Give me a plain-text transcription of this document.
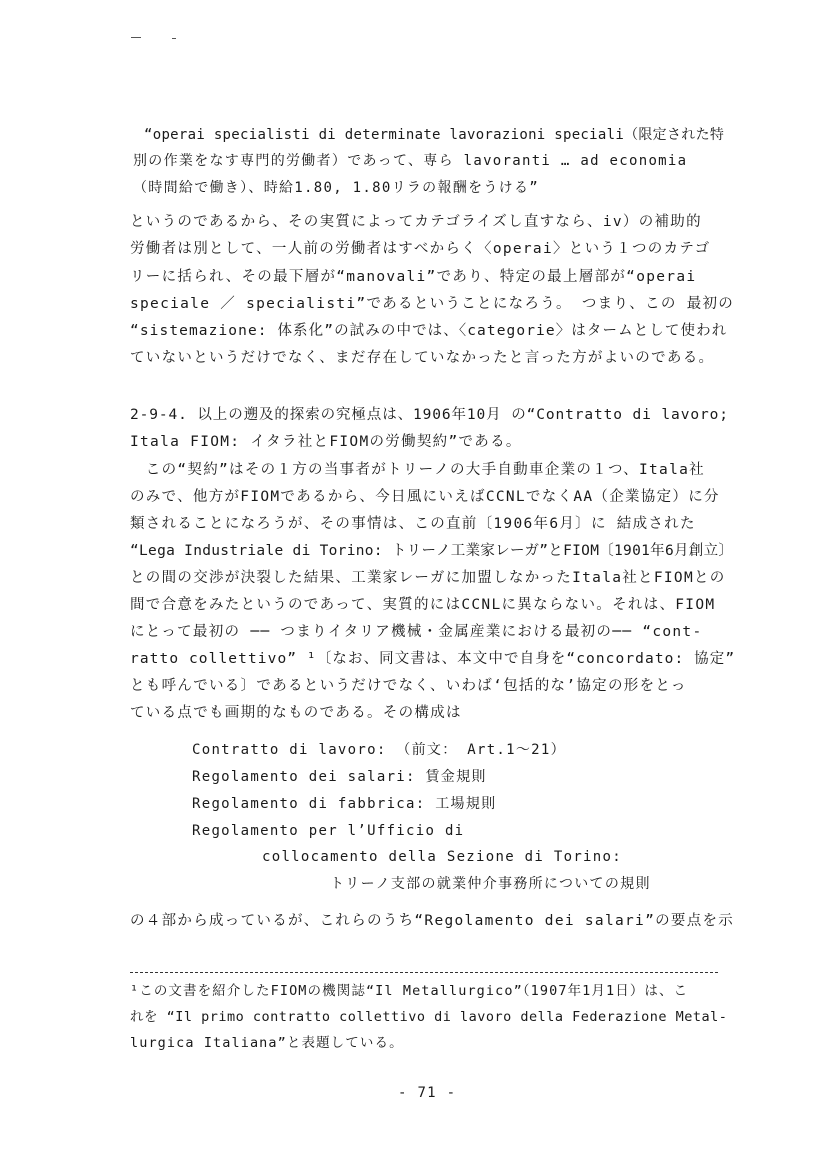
“operai specialisti di determinate lavorazioni speciali（限定された特
別の作業をなす専門的労働者）であって、専ら lavoranti … ad economia
（時間給で働き）、時給1.80, 1.80リラの報酬をうける”
というのであるから、その実質によってカテゴライズし直すなら、iv）の補助的
労働者は別として、一人前の労働者はすべからく〈operai〉という１つのカテゴ
リーに括られ、その最下層が“manovali”であり、特定の最上層部が“operai
speciale ／ specialisti”であるということになろう。 つまり、この 最初の
“sistemazione: 体系化”の試みの中では、〈categorie〉はタームとして使われ
ていないというだけでなく、まだ存在していなかったと言った方がよいのである。
2-9-4. 以上の遡及的探索の究極点は、1906年10月 の“Contratto di lavoro;
Itala FIOM: イタラ社とFIOMの労働契約”である。
　この“契約”はその１方の当事者がトリーノの大手自動車企業の１つ、Itala社
のみで、他方がFIOMであるから、今日風にいえばCCNLでなくAA（企業協定）に分
類されることになろうが、その事情は、この直前〔1906年6月〕に 結成された
“Lega Industriale di Torino: トリーノ工業家レーガ”とFIOM〔1901年6月創立〕
との間の交渉が決裂した結果、工業家レーガに加盟しなかったItala社とFIOMとの
間で合意をみたというのであって、実質的にはCCNLに異ならない。それは、FIOM
にとって最初の ── つまりイタリア機械・金属産業における最初の── “cont-
ratto collettivo” ¹〔なお、同文書は、本文中で自身を“concordato: 協定”
とも呼んでいる〕であるというだけでなく、いわば‘包括的な’協定の形をとっ
ている点でも画期的なものである。その構成は
Contratto di lavoro: （前文： Art.1～21）
Regolamento dei salari: 賃金規則
Regolamento di fabbrica: 工場規則
Regolamento per l’Ufficio di
collocamento della Sezione di Torino:
トリーノ支部の就業仲介事務所についての規則
の４部から成っているが、これらのうち“Regolamento dei salari”の要点を示
¹この文書を紹介したFIOMの機関誌“Il Metallurgico”（1907年1月1日）は、こ
れを “Il primo contratto collettivo di lavoro della Federazione Metal-
lurgica Italiana”と表題している。
- 71 -
